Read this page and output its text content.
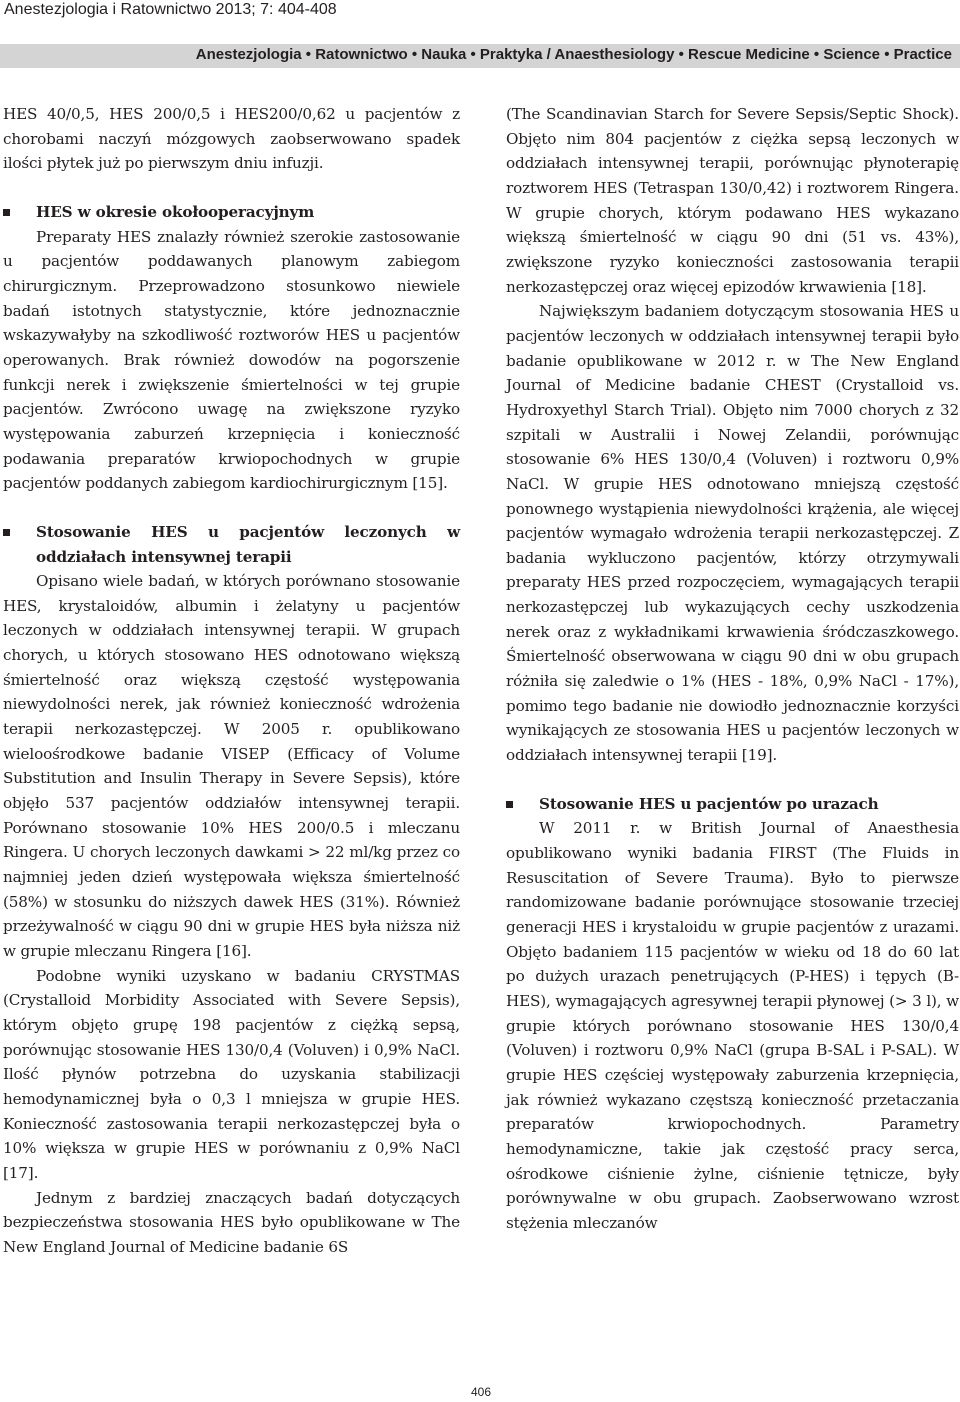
Anestezjologia i Ratownictwo 2013; 7: 404-408
Anestezjologia • Ratownictwo • Nauka • Praktyka / Anaesthesiology • Rescue Medicine • Science • Practice

HES 40/0,5, HES 200/0,5 i HES200/0,62 u pacjentów z chorobami naczyń mózgowych zaobserwowano spadek ilości płytek już po pierwszym dniu infuzji.

HES w okresie okołooperacyjnym

Preparaty HES znalazły również szerokie zastosowanie u pacjentów poddawanych planowym zabiegom chirurgicznym. Przeprowadzono stosunkowo niewiele badań istotnych statystycznie, które jednoznacznie wskazywałyby na szkodliwość roztworów HES u pacjentów operowanych. Brak również dowodów na pogorszenie funkcji nerek i zwiększenie śmiertelności w tej grupie pacjentów. Zwrócono uwagę na zwiększone ryzyko występowania zaburzeń krzepnięcia i konieczność podawania preparatów krwiopochodnych w grupie pacjentów poddanych zabiegom kardiochirurgicznym [15].

Stosowanie HES u pacjentów leczonych w oddziałach intensywnej terapii

Opisano wiele badań, w których porównano stosowanie HES, krystaloidów, albumin i żelatyny u pacjentów leczonych w oddziałach intensywnej terapii. W grupach chorych, u których stosowano HES odnotowano większą śmiertelność oraz większą częstość występowania niewydolności nerek, jak również konieczność wdrożenia terapii nerkozastępczej. W 2005 r. opublikowano wieloośrodkowe badanie VISEP (Efficacy of Volume Substitution and Insulin Therapy in Severe Sepsis), które objęło 537 pacjentów oddziałów intensywnej terapii. Porównano stosowanie 10% HES 200/0.5 i mleczanu Ringera. U chorych leczonych dawkami > 22 ml/kg przez co najmniej jeden dzień występowała większa śmiertelność (58%) w stosunku do niższych dawek HES (31%). Również przeżywalność w ciągu 90 dni w grupie HES była niższa niż w grupie mleczanu Ringera [16].

Podobne wyniki uzyskano w badaniu CRYSTMAS (Crystalloid Morbidity Associated with Severe Sepsis), którym objęto grupę 198 pacjentów z ciężką sepsą, porównując stosowanie HES 130/0,4 (Voluven) i 0,9% NaCl. Ilość płynów potrzebna do uzyskania stabilizacji hemodynamicznej była o 0,3 l mniejsza w grupie HES. Konieczność zastosowania terapii nerkozastępczej była o 10% większa w grupie HES w porównaniu z 0,9% NaCl [17].

Jednym z bardziej znaczących badań dotyczących bezpieczeństwa stosowania HES było opublikowane w The New England Journal of Medicine badanie 6S

(The Scandinavian Starch for Severe Sepsis/Septic Shock). Objęto nim 804 pacjentów z ciężka sepsą leczonych w oddziałach intensywnej terapii, porównując płynoterapię roztworem HES (Tetraspan 130/0,42) i roztworem Ringera. W grupie chorych, którym podawano HES wykazano większą śmiertelność w ciągu 90 dni (51 vs. 43%), zwiększone ryzyko konieczności zastosowania terapii nerkozastępczej oraz więcej epizodów krwawienia [18].

Największym badaniem dotyczącym stosowania HES u pacjentów leczonych w oddziałach intensywnej terapii było badanie opublikowane w 2012 r. w The New England Journal of Medicine badanie CHEST (Crystalloid vs. Hydroxyethyl Starch Trial). Objęto nim 7000 chorych z 32 szpitali w Australii i Nowej Zelandii, porównując stosowanie 6% HES 130/0,4 (Voluven) i roztworu 0,9% NaCl. W grupie HES odnotowano mniejszą częstość ponownego wystąpienia niewydolności krążenia, ale więcej pacjentów wymagało wdrożenia terapii nerkozastępczej. Z badania wykluczono pacjentów, którzy otrzymywali preparaty HES przed rozpoczęciem, wymagających terapii nerkozastępczej lub wykazujących cechy uszkodzenia nerek oraz z wykładnikami krwawienia śródczaszkowego. Śmiertelność obserwowana w ciągu 90 dni w obu grupach różniła się zaledwie o 1% (HES - 18%, 0,9% NaCl - 17%), pomimo tego badanie nie dowiodło jednoznacznie korzyści wynikających ze stosowania HES u pacjentów leczonych w oddziałach intensywnej terapii [19].

Stosowanie HES u pacjentów po urazach

W 2011 r. w British Journal of Anaesthesia opublikowano wyniki badania FIRST (The Fluids in Resuscitation of Severe Trauma). Było to pierwsze randomizowane badanie porównujące stosowanie trzeciej generacji HES i krystaloidu w grupie pacjentów z urazami. Objęto badaniem 115 pacjentów w wieku od 18 do 60 lat po dużych urazach penetrujących (P-HES) i tępych (B-HES), wymagających agresywnej terapii płynowej (> 3 l), w grupie których porównano stosowanie HES 130/0,4 (Voluven) i roztworu 0,9% NaCl (grupa B-SAL i P-SAL). W grupie HES częściej występowały zaburzenia krzepnięcia, jak również wykazano częstszą konieczność przetaczania preparatów krwiopochodnych. Parametry hemodynamiczne, takie jak częstość pracy serca, ośrodkowe ciśnienie żylne, ciśnienie tętnicze, były porównywalne w obu grupach. Zaobserwowano wzrost stężenia mleczanów

406
